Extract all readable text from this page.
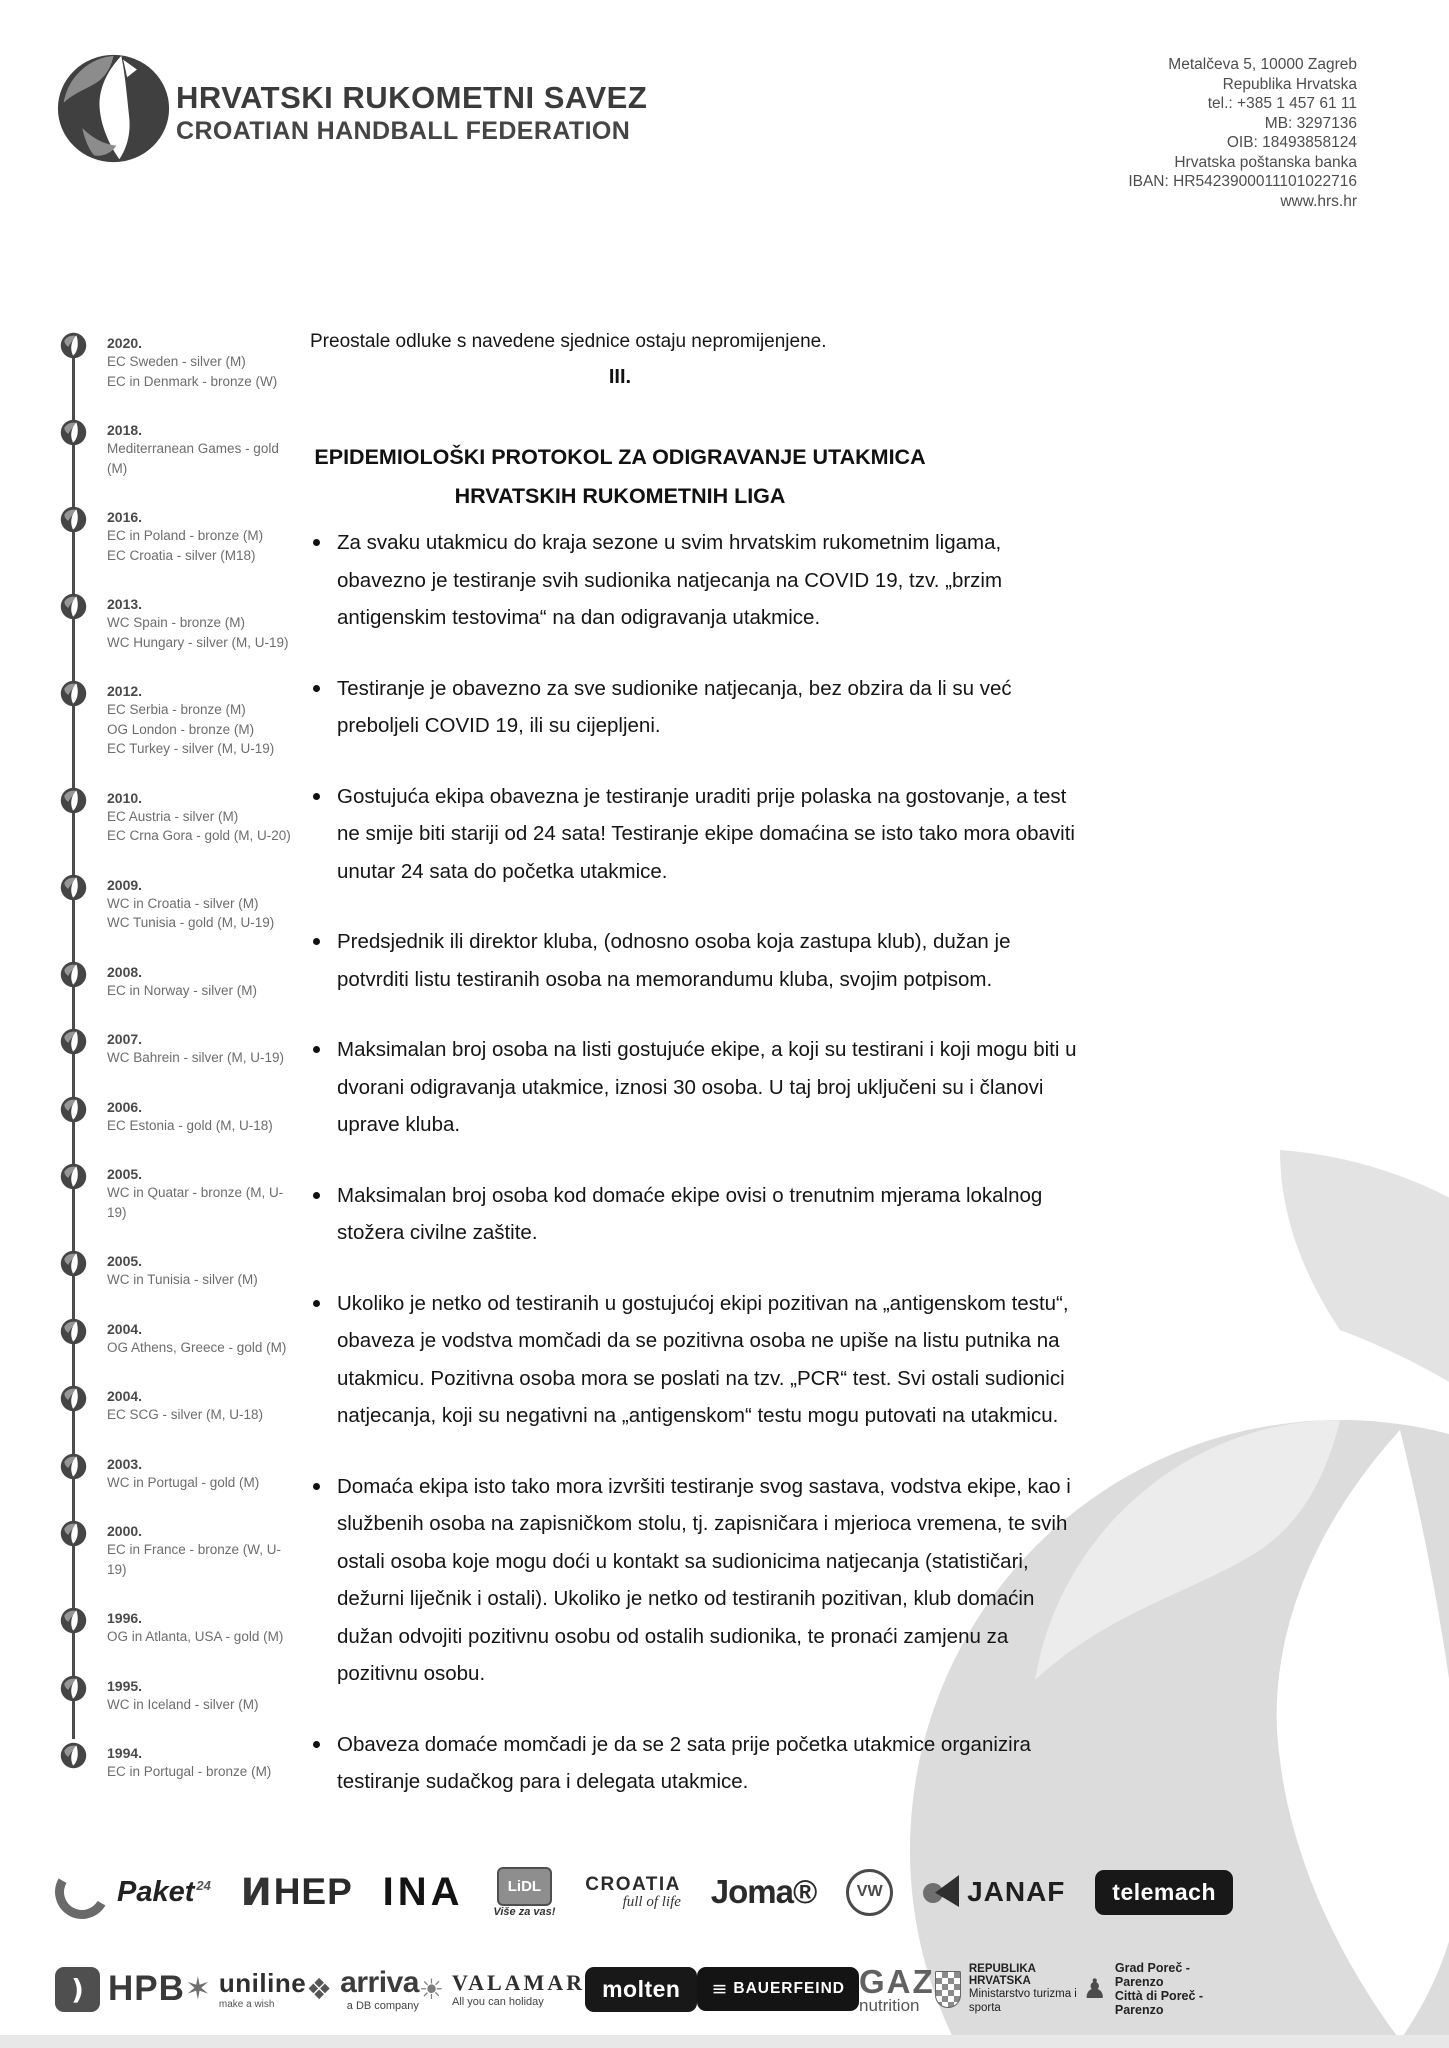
HRVATSKI RUKOMETNI SAVEZ
CROATIAN HANDBALL FEDERATION
Metalčeva 5, 10000 Zagreb
Republika Hrvatska
tel.: +385 1 457 61 11
MB: 3297136
OIB: 18493858124
Hrvatska poštanska banka
IBAN: HR5423900011101022716
www.hrs.hr
2020.
EC Sweden - silver (M)
EC in Denmark - bronze (W)
2018.
Mediterranean Games - gold (M)
2016.
EC in Poland - bronze (M)
EC Croatia - silver (M18)
2013.
WC Spain - bronze (M)
WC Hungary - silver (M, U-19)
2012.
EC Serbia - bronze (M)
OG London - bronze (M)
EC Turkey - silver (M, U-19)
2010.
EC Austria - silver (M)
EC Crna Gora - gold (M, U-20)
2009.
WC in Croatia - silver (M)
WC Tunisia - gold (M, U-19)
2008.
EC in Norway - silver (M)
2007.
WC Bahrein - silver (M, U-19)
2006.
EC Estonia - gold (M, U-18)
2005.
WC in Quatar - bronze (M, U-19)
2005.
WC in Tunisia - silver (M)
2004.
OG Athens, Greece - gold (M)
2004.
EC SCG - silver (M, U-18)
2003.
WC in Portugal - gold (M)
2000.
EC in France - bronze (W, U-19)
1996.
OG in Atlanta, USA - gold (M)
1995.
WC in Iceland - silver (M)
1994.
EC in Portugal - bronze (M)

Preostale odluke s navedene sjednice ostaju nepromijenjene.

III.
EPIDEMIOLOŠKI PROTOKOL ZA ODIGRAVANJE UTAKMICA HRVATSKIH RUKOMETNIH LIGA
Za svaku utakmicu do kraja sezone u svim hrvatskim rukometnim ligama, obavezno je testiranje svih sudionika natjecanja na COVID 19, tzv. „brzim antigenskim testovima“ na dan odigravanja utakmice.
Testiranje je obavezno za sve sudionike natjecanja, bez obzira da li su već preboljeli COVID 19, ili su cijepljeni.
Gostujuća ekipa obavezna je testiranje uraditi prije polaska na gostovanje, a test ne smije biti stariji od 24 sata! Testiranje ekipe domaćina se isto tako mora obaviti unutar 24 sata do početka utakmice.
Predsjednik ili direktor kluba, (odnosno osoba koja zastupa klub), dužan je potvrditi listu testiranih osoba na memorandumu kluba, svojim potpisom.
Maksimalan broj osoba na listi gostujuće ekipe, a koji su testirani i koji mogu biti u dvorani odigravanja utakmice, iznosi 30 osoba. U taj broj uključeni su i članovi uprave kluba.
Maksimalan broj osoba kod domaće ekipe ovisi o trenutnim mjerama lokalnog stožera civilne zaštite.
Ukoliko je netko od testiranih u gostujućoj ekipi pozitivan na „antigenskom testu“, obaveza je vodstva momčadi da se pozitivna osoba ne upiše na listu putnika na utakmicu. Pozitivna osoba mora se poslati na tzv. „PCR“ test. Svi ostali sudionici natjecanja, koji su negativni na „antigenskom“ testu mogu putovati na utakmicu.
Domaća ekipa isto tako mora izvršiti testiranje svog sastava, vodstva ekipe, kao i službenih osoba na zapisničkom stolu, tj. zapisničara i mjerioca vremena, te svih ostali osoba koje mogu doći u kontakt sa sudionicima natjecanja (statističari, dežurni liječnik i ostali). Ukoliko je netko od testiranih pozitivan, klub domaćin dužan odvojiti pozitivnu osobu od ostalih sudionika, te pronaći zamjenu za pozitivnu osobu.
Obaveza domaće momčadi je da se 2 sata prije početka utakmice organizira testiranje sudačkog para i delegata utakmice.
Paket 24 И HEP INA	LiDL
Više za vas!
CROATIA
full of life Joma®	VW	JANAF telemach
) HPB ✶ uniline
make a wish ❖ arriva
a DB company
☀ VALAMAR
All you can holiday
molten ≡ BAUERFEIND GAZ
nutrition
REPUBLIKA HRVATSKA
Ministarstvo turizma i sporta
♟
Grad Poreč - Parenzo
Città di Poreč - Parenzo
